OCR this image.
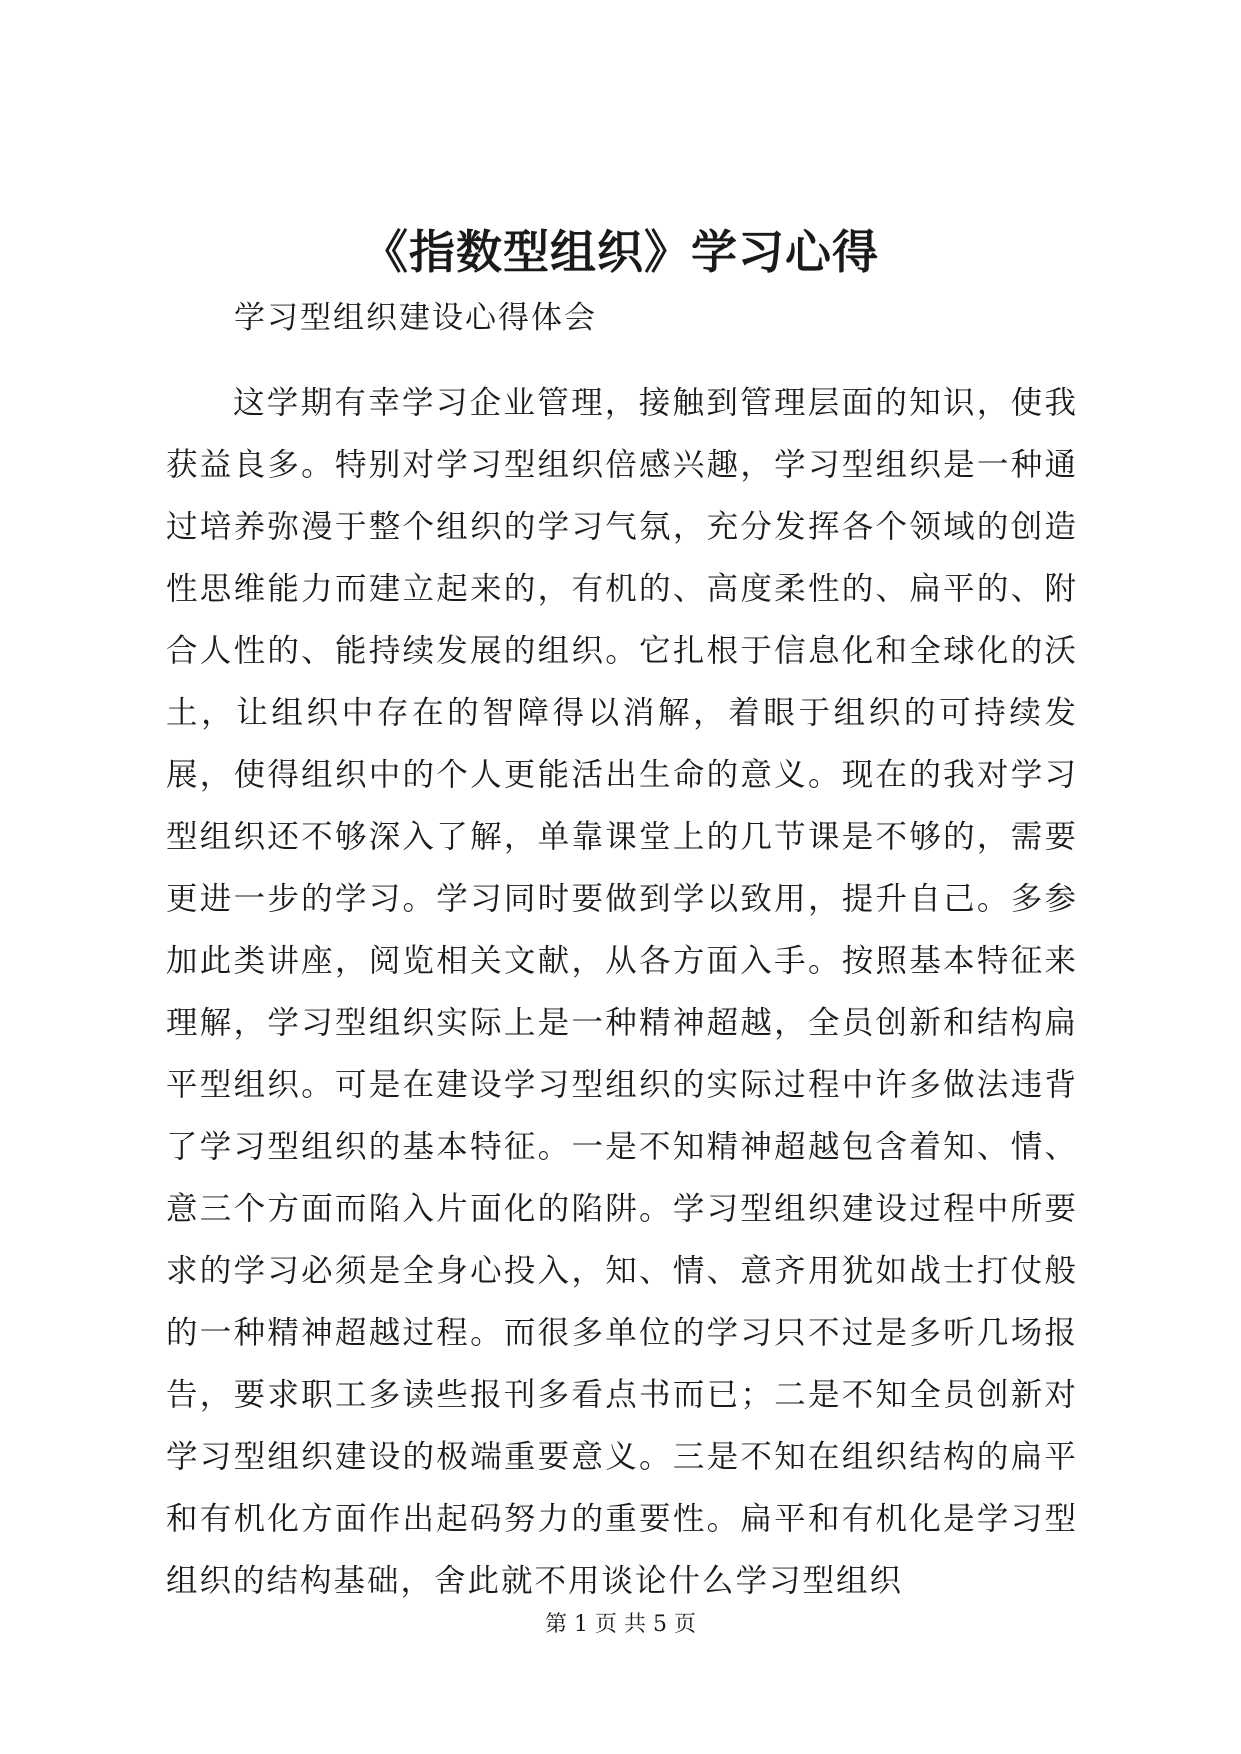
《指数型组织》学习心得

学习型组织建设心得体会

这学期有幸学习企业管理，接触到管理层面的知识，使我获益良多。特别对学习型组织倍感兴趣，学习型组织是一种通过培养弥漫于整个组织的学习气氛，充分发挥各个领域的创造性思维能力而建立起来的，有机的、高度柔性的、扁平的、附合人性的、能持续发展的组织。它扎根于信息化和全球化的沃土，让组织中存在的智障得以消解，着眼于组织的可持续发展，使得组织中的个人更能活出生命的意义。现在的我对学习型组织还不够深入了解，单靠课堂上的几节课是不够的，需要更进一步的学习。学习同时要做到学以致用，提升自己。多参加此类讲座，阅览相关文献，从各方面入手。按照基本特征来理解，学习型组织实际上是一种精神超越，全员创新和结构扁平型组织。可是在建设学习型组织的实际过程中许多做法违背了学习型组织的基本特征。一是不知精神超越包含着知、情、意三个方面而陷入片面化的陷阱。学习型组织建设过程中所要求的学习必须是全身心投入，知、情、意齐用犹如战士打仗般的一种精神超越过程。而很多单位的学习只不过是多听几场报告，要求职工多读些报刊多看点书而已；二是不知全员创新对学习型组织建设的极端重要意义。三是不知在组织结构的扁平和有机化方面作出起码努力的重要性。扁平和有机化是学习型组织的结构基础，舍此就不用谈论什么学习型组织

第 1 页 共 5 页
